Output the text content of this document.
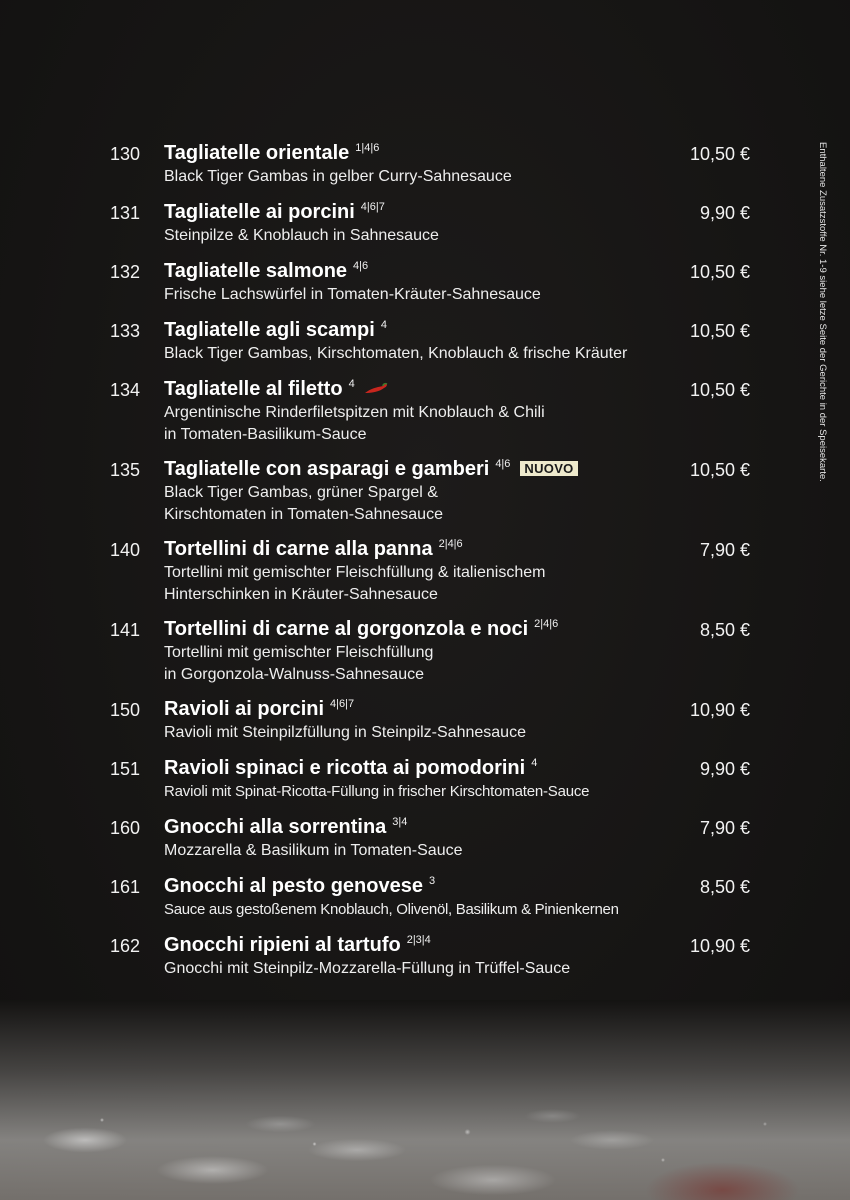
130	Tagliatelle orientale 1|4|6
Black Tiger Gambas in gelber Curry-Sahnesauce
10,50 €
131	Tagliatelle ai porcini 4|6|7
Steinpilze & Knoblauch in Sahnesauce
9,90 €
132	Tagliatelle salmone 4|6
Frische Lachswürfel in Tomaten-Kräuter-Sahnesauce
10,50 €
133	Tagliatelle agli scampi 4
Black Tiger Gambas, Kirschtomaten, Knoblauch & frische Kräuter
10,50 €
134	Tagliatelle al filetto 4
Argentinische Rinderfiletspitzen mit Knoblauch & Chili
in Tomaten-Basilikum-Sauce
10,50 €
135	Tagliatelle con asparagi e gamberi 4|6	NUOVO
Black Tiger Gambas, grüner Spargel &
Kirschtomaten in Tomaten-Sahnesauce
10,50 €
140	Tortellini di carne alla panna 2|4|6
Tortellini mit gemischter Fleischfüllung & italienischem
Hinterschinken in Kräuter-Sahnesauce
7,90 €
141	Tortellini di carne al gorgonzola e noci 2|4|6
Tortellini mit gemischter Fleischfüllung
in Gorgonzola-Walnuss-Sahnesauce
8,50 €
150	Ravioli ai porcini 4|6|7
Ravioli mit Steinpilzfüllung in Steinpilz-Sahnesauce
10,90 €
151	Ravioli spinaci e ricotta ai pomodorini 4
Ravioli mit Spinat-Ricotta-Füllung in frischer Kirschtomaten-Sauce
9,90 €
160	Gnocchi alla sorrentina 3|4
Mozzarella & Basilikum in Tomaten-Sauce
7,90 €
161	Gnocchi al pesto genovese 3
Sauce aus gestoßenem Knoblauch, Olivenöl, Basilikum & Pinienkernen
8,50 €
162	Gnocchi ripieni al tartufo 2|3|4
Gnocchi mit Steinpilz-Mozzarella-Füllung in Trüffel-Sauce
10,90 €
Enthaltene Zusatzstoffe Nr. 1-9 siehe letze Seite der Gerichte in der Speisekarte.
